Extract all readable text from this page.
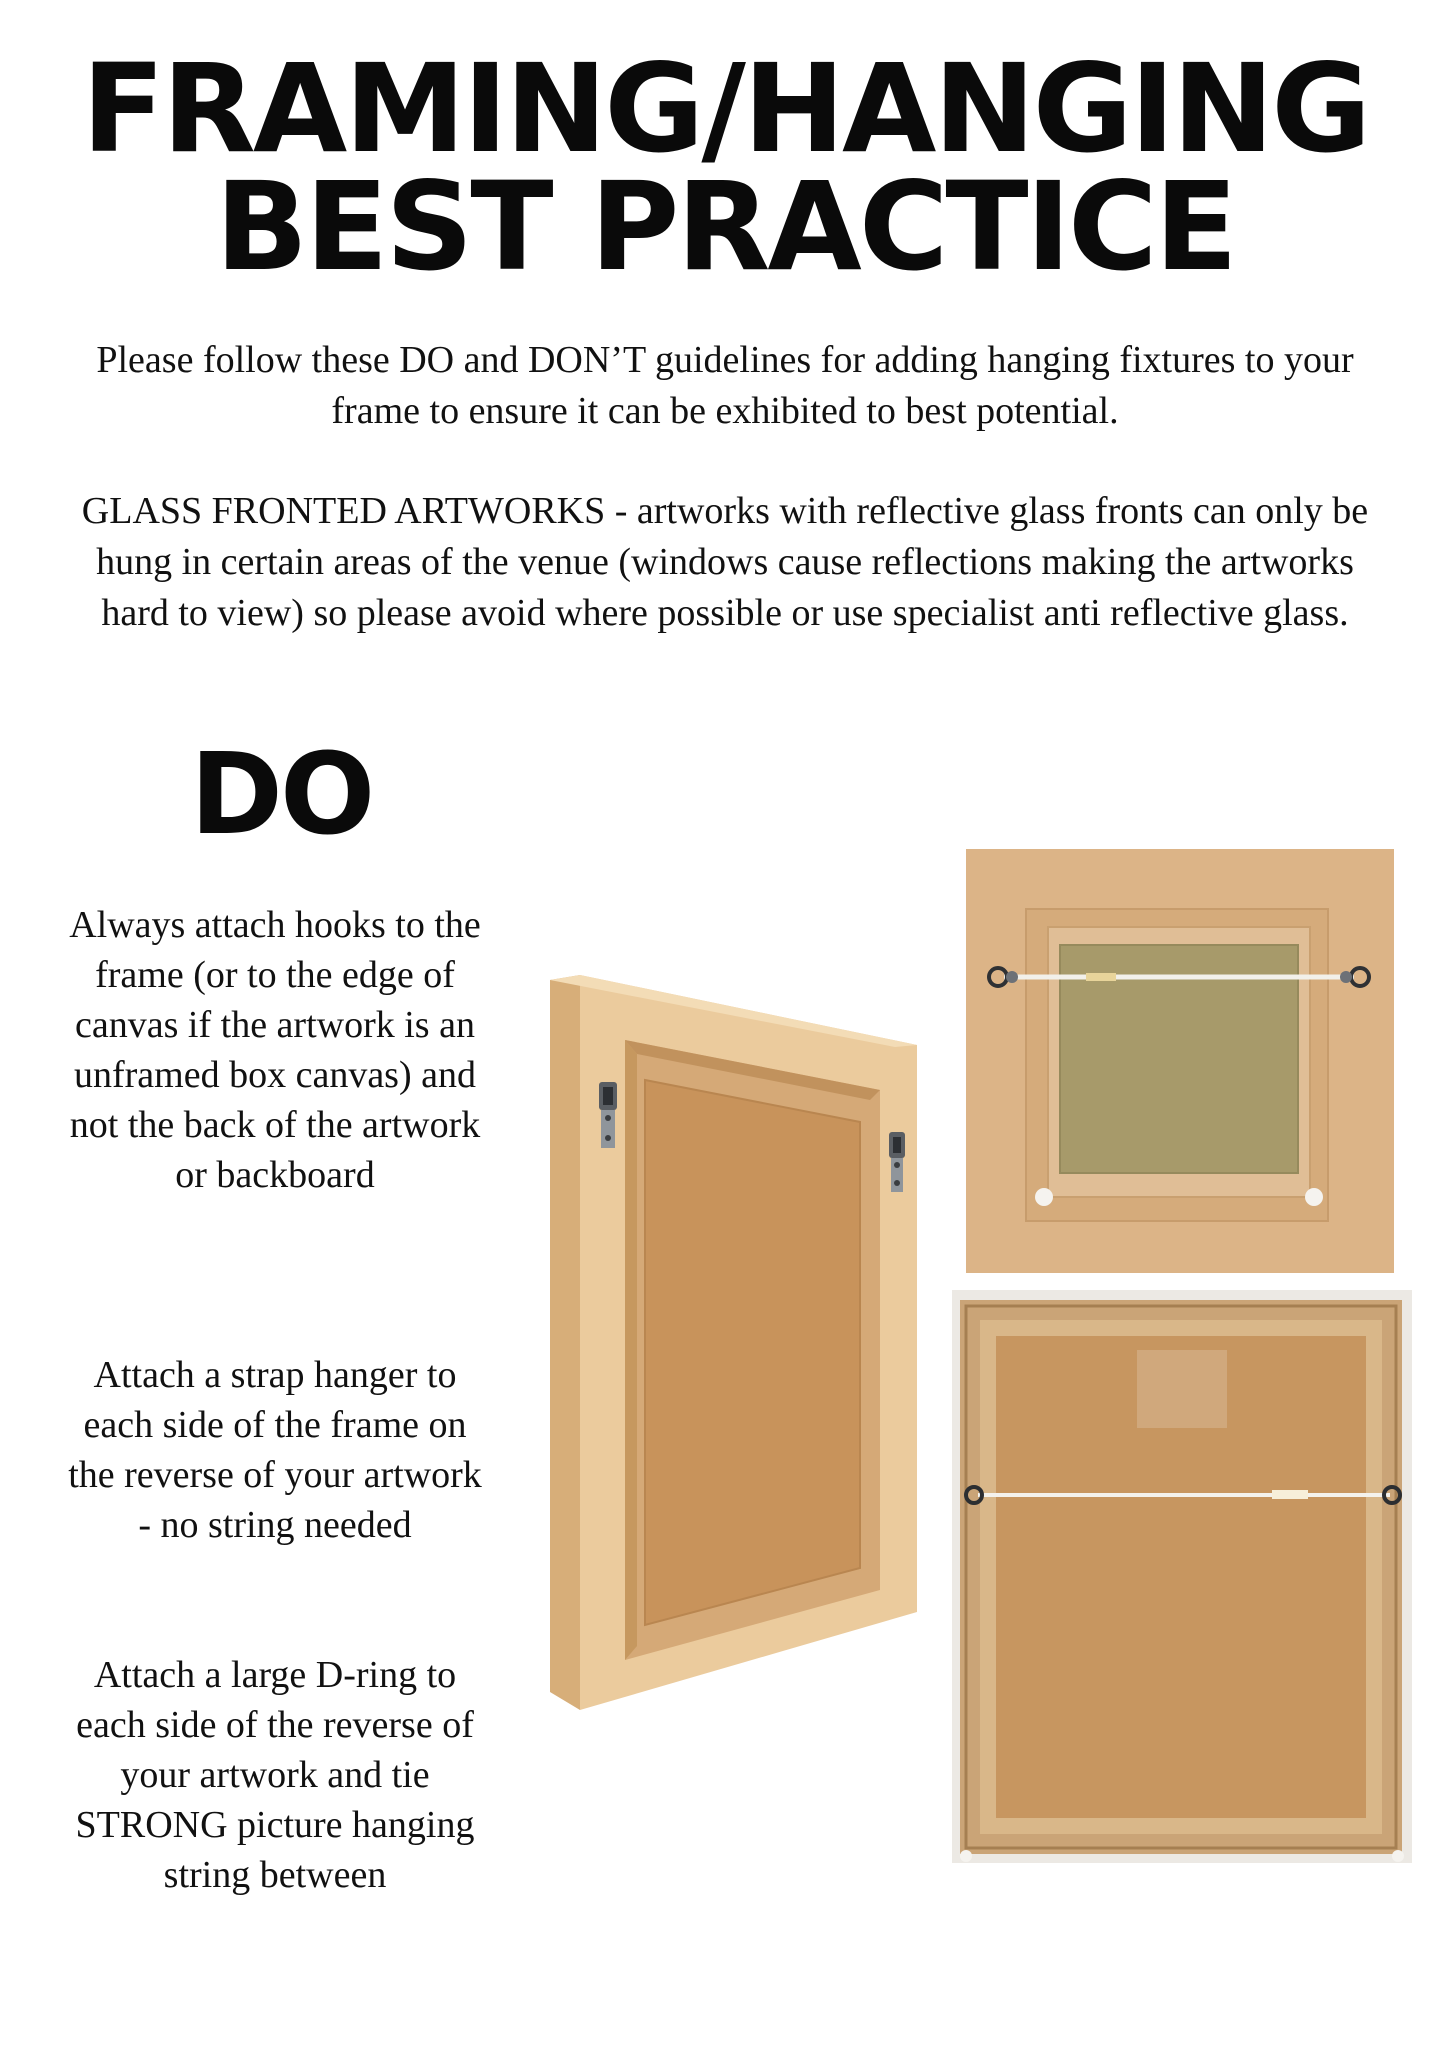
FRAMING/HANGING
BEST PRACTICE

Please follow these DO and DON’T guidelines for adding hanging fixtures to your frame to ensure it can be exhibited to best potential.

GLASS FRONTED ARTWORKS - artworks with reflective glass fronts can only be hung in certain areas of the venue (windows cause reflections making the artworks hard to view) so please avoid where possible or use specialist anti reflective glass.

DO

Always attach hooks to the frame (or to the edge of canvas if the artwork is an unframed box canvas) and not the back of the artwork or backboard

Attach a strap hanger to each side of the frame on the reverse of your artwork - no string needed

Attach a large D-ring to each side of the reverse of your artwork and tie STRONG picture hanging string between
